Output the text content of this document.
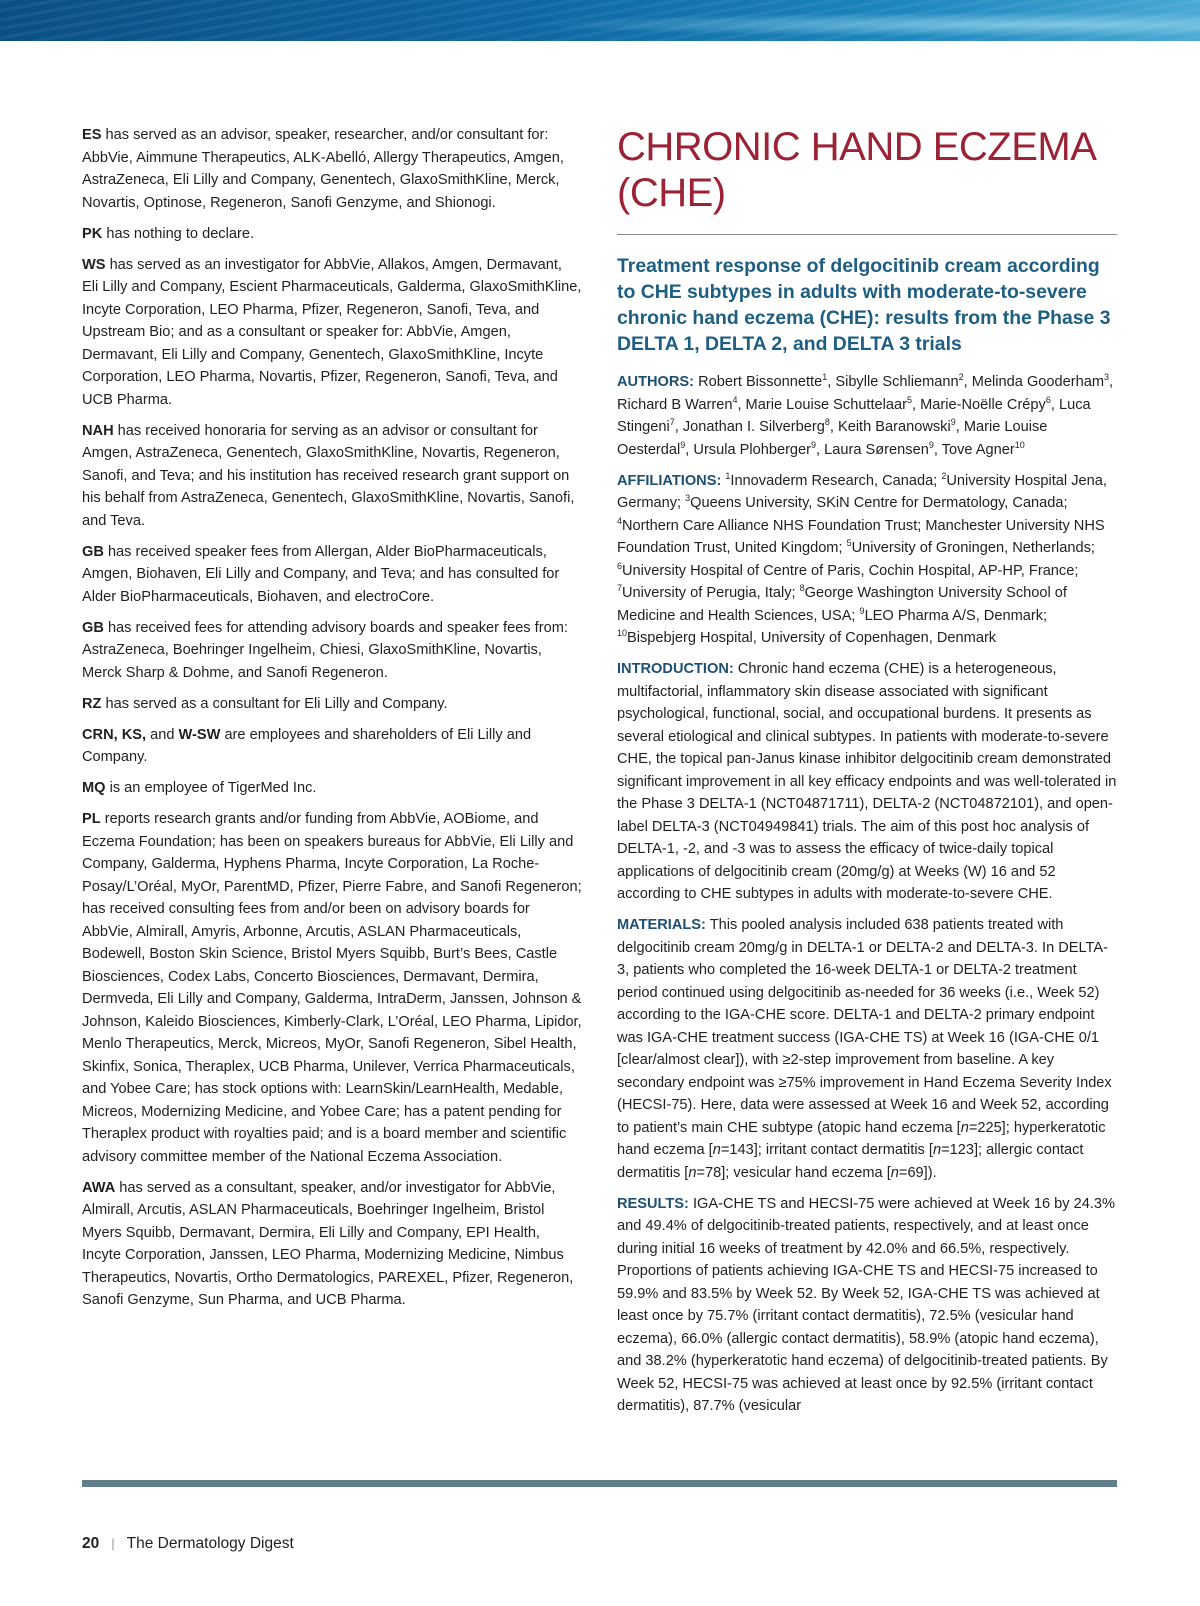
ES has served as an advisor, speaker, researcher, and/or consultant for: AbbVie, Aimmune Therapeutics, ALK-Abelló, Allergy Therapeutics, Amgen, AstraZeneca, Eli Lilly and Company, Genentech, GlaxoSmithKline, Merck, Novartis, Optinose, Regeneron, Sanofi Genzyme, and Shionogi.

PK has nothing to declare.

WS has served as an investigator for AbbVie, Allakos, Amgen, Dermavant, Eli Lilly and Company, Escient Pharmaceuticals, Galderma, GlaxoSmithKline, Incyte Corporation, LEO Pharma, Pfizer, Regeneron, Sanofi, Teva, and Upstream Bio; and as a consultant or speaker for: AbbVie, Amgen, Dermavant, Eli Lilly and Company, Genentech, GlaxoSmithKline, Incyte Corporation, LEO Pharma, Novartis, Pfizer, Regeneron, Sanofi, Teva, and UCB Pharma.

NAH has received honoraria for serving as an advisor or consultant for Amgen, AstraZeneca, Genentech, GlaxoSmithKline, Novartis, Regeneron, Sanofi, and Teva; and his institution has received research grant support on his behalf from AstraZeneca, Genentech, GlaxoSmithKline, Novartis, Sanofi, and Teva.

GB has received speaker fees from Allergan, Alder BioPharmaceuticals, Amgen, Biohaven, Eli Lilly and Company, and Teva; and has consulted for Alder BioPharmaceuticals, Biohaven, and electroCore.

GB has received fees for attending advisory boards and speaker fees from: AstraZeneca, Boehringer Ingelheim, Chiesi, GlaxoSmithKline, Novartis, Merck Sharp & Dohme, and Sanofi Regeneron.

RZ has served as a consultant for Eli Lilly and Company.

CRN, KS, and W-SW are employees and shareholders of Eli Lilly and Company.

MQ is an employee of TigerMed Inc.

PL reports research grants and/or funding from AbbVie, AOBiome, and Eczema Foundation; has been on speakers bureaus for AbbVie, Eli Lilly and Company, Galderma, Hyphens Pharma, Incyte Corporation, La Roche-Posay/L’Oréal, MyOr, ParentMD, Pfizer, Pierre Fabre, and Sanofi Regeneron; has received consulting fees from and/or been on advisory boards for AbbVie, Almirall, Amyris, Arbonne, Arcutis, ASLAN Pharmaceuticals, Bodewell, Boston Skin Science, Bristol Myers Squibb, Burt’s Bees, Castle Biosciences, Codex Labs, Concerto Biosciences, Dermavant, Dermira, Dermveda, Eli Lilly and Company, Galderma, IntraDerm, Janssen, Johnson & Johnson, Kaleido Biosciences, Kimberly-Clark, L’Oréal, LEO Pharma, Lipidor, Menlo Therapeutics, Merck, Micreos, MyOr, Sanofi Regeneron, Sibel Health, Skinfix, Sonica, Theraplex, UCB Pharma, Unilever, Verrica Pharmaceuticals, and Yobee Care; has stock options with: LearnSkin/LearnHealth, Medable, Micreos, Modernizing Medicine, and Yobee Care; has a patent pending for Theraplex product with royalties paid; and is a board member and scientific advisory committee member of the National Eczema Association.

AWA has served as a consultant, speaker, and/or investigator for AbbVie, Almirall, Arcutis, ASLAN Pharmaceuticals, Boehringer Ingelheim, Bristol Myers Squibb, Dermavant, Dermira, Eli Lilly and Company, EPI Health, Incyte Corporation, Janssen, LEO Pharma, Modernizing Medicine, Nimbus Therapeutics, Novartis, Ortho Dermatologics, PAREXEL, Pfizer, Regeneron, Sanofi Genzyme, Sun Pharma, and UCB Pharma.

CHRONIC HAND ECZEMA (CHE)
Treatment response of delgocitinib cream according to CHE subtypes in adults with moderate-to-severe chronic hand eczema (CHE): results from the Phase 3 DELTA 1, DELTA 2, and DELTA 3 trials

AUTHORS: Robert Bissonnette$^1$, Sibylle Schliemann$^2$, Melinda Gooderham$^3$, Richard B Warren$^4$, Marie Louise Schuttelaar$^5$, Marie-Noëlle Crépy$^6$, Luca Stingeni$^7$, Jonathan I. Silverberg$^8$, Keith Baranowski$^9$, Marie Louise Oesterdal$^9$, Ursula Plohberger$^9$, Laura Sørensen$^9$, Tove Agner$^{10}$

AFFILIATIONS: $^1$Innovaderm Research, Canada; $^2$University Hospital Jena, Germany; $^3$Queens University, SKiN Centre for Dermatology, Canada; $^4$Northern Care Alliance NHS Foundation Trust; Manchester University NHS Foundation Trust, United Kingdom; $^5$University of Groningen, Netherlands; $^6$University Hospital of Centre of Paris, Cochin Hospital, AP-HP, France; $^7$University of Perugia, Italy; $^8$George Washington University School of Medicine and Health Sciences, USA; $^9$LEO Pharma A/S, Denmark; $^{10}$Bispebjerg Hospital, University of Copenhagen, Denmark

INTRODUCTION: Chronic hand eczema (CHE) is a heterogeneous, multifactorial, inflammatory skin disease associated with significant psychological, functional, social, and occupational burdens. It presents as several etiological and clinical subtypes. In patients with moderate-to-severe CHE, the topical pan-Janus kinase inhibitor delgocitinib cream demonstrated significant improvement in all key efficacy endpoints and was well-tolerated in the Phase 3 DELTA-1 (NCT04871711), DELTA-2 (NCT04872101), and open-label DELTA-3 (NCT04949841) trials. The aim of this post hoc analysis of DELTA-1, -2, and -3 was to assess the efficacy of twice-daily topical applications of delgocitinib cream (20mg/g) at Weeks (W) 16 and 52 according to CHE subtypes in adults with moderate-to-severe CHE.

MATERIALS: This pooled analysis included 638 patients treated with delgocitinib cream 20mg/g in DELTA-1 or DELTA-2 and DELTA-3. In DELTA-3, patients who completed the 16-week DELTA-1 or DELTA-2 treatment period continued using delgocitinib as-needed for 36 weeks (i.e., Week 52) according to the IGA-CHE score. DELTA-1 and DELTA-2 primary endpoint was IGA-CHE treatment success (IGA-CHE TS) at Week 16 (IGA-CHE 0/1 [clear/almost clear]), with ≥2-step improvement from baseline. A key secondary endpoint was ≥75% improvement in Hand Eczema Severity Index (HECSI-75). Here, data were assessed at Week 16 and Week 52, according to patient’s main CHE subtype (atopic hand eczema [n=225]; hyperkeratotic hand eczema [n=143]; irritant contact dermatitis [n=123]; allergic contact dermatitis [n=78]; vesicular hand eczema [n=69]).

RESULTS: IGA-CHE TS and HECSI-75 were achieved at Week 16 by 24.3% and 49.4% of delgocitinib-treated patients, respectively, and at least once during initial 16 weeks of treatment by 42.0% and 66.5%, respectively. Proportions of patients achieving IGA-CHE TS and HECSI-75 increased to 59.9% and 83.5% by Week 52. By Week 52, IGA-CHE TS was achieved at least once by 75.7% (irritant contact dermatitis), 72.5% (vesicular hand eczema), 66.0% (allergic contact dermatitis), 58.9% (atopic hand eczema), and 38.2% (hyperkeratotic hand eczema) of delgocitinib-treated patients. By Week 52, HECSI-75 was achieved at least once by 92.5% (irritant contact dermatitis), 87.7% (vesicular

20 | The Dermatology Digest
